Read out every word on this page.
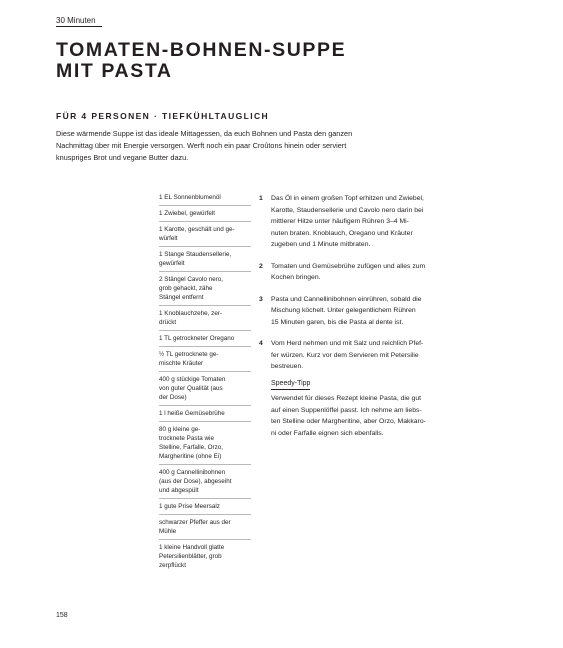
30 Minuten
TOMATEN-BOHNEN-SUPPE
MIT PASTA
FÜR 4 PERSONEN · TIEFKÜHLTAUGLICH

Diese wärmende Suppe ist das ideale Mittagessen, da euch Bohnen und Pasta den ganzen Nachmittag über mit Energie versorgen. Werft noch ein paar Croûtons hinein oder serviert knuspriges Brot und vegane Butter dazu.

1 EL Sonnenblumenöl
1 Zwiebel, gewürfelt
1 Karotte, geschält und ge-
würfelt
1 Stange Staudensellerie,
gewürfelt
2 Stängel Cavolo nero,
grob gehackt, zähe
Stängel entfernt
1 Knoblauchzehe, zer-
drückt
1 TL getrockneter Oregano
½ TL getrocknete ge-
mischte Kräuter
400 g stückige Tomaten
von guter Qualität (aus
der Dose)
1 l heiße Gemüsebrühe
80 g kleine ge-
trocknete Pasta wie
Stelline, Farfalle, Orzo,
Margheritine (ohne Ei)
400 g Cannellinibohnen
(aus der Dose), abgeseiht
und abgespült
1 gute Prise Meersalz
schwarzer Pfeffer aus der
Mühle
1 kleine Handvoll glatte
Petersilienblätter, grob
zerpflückt
1 Das Öl in einem großen Topf erhitzen und Zwiebel,
Karotte, Staudensellerie und Cavolo nero darin bei
mittlerer Hitze unter häufigem Rühren 3–4 Mi-
nuten braten. Knoblauch, Oregano und Kräuter
zugeben und 1 Minute mitbraten.

2 Tomaten und Gemüsebrühe zufügen und alles zum
Kochen bringen.

3 Pasta und Cannellinibohnen einrühren, sobald die
Mischung köchelt. Unter gelegentlichem Rühren
15 Minuten garen, bis die Pasta al dente ist.

4 Vom Herd nehmen und mit Salz und reichlich Pfef-
fer würzen. Kurz vor dem Servieren mit Petersilie
bestreuen.

Speedy-Tipp

Verwendet für dieses Rezept kleine Pasta, die gut
auf einen Suppenlöffel passt. Ich nehme am liebs-
ten Stelline oder Margheritine, aber Orzo, Makkaro-
ni oder Farfalle eignen sich ebenfalls.

158
